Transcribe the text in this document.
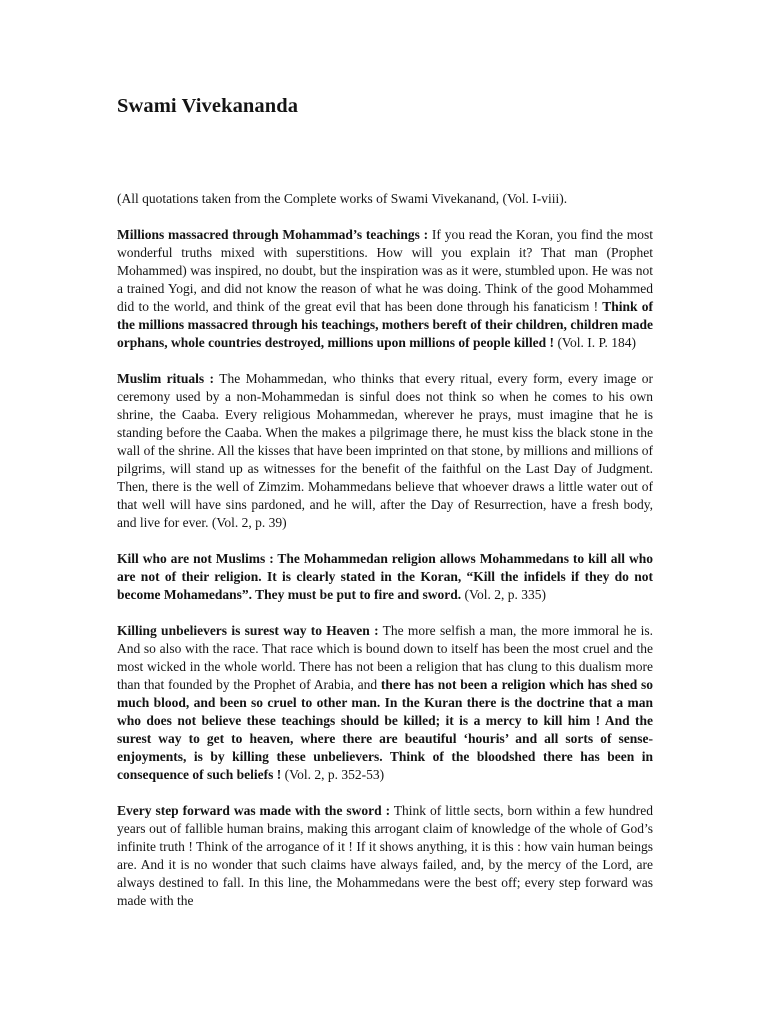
Swami Vivekananda

(All quotations taken from the Complete works of Swami Vivekanand, (Vol. I-viii).

Millions massacred through Mohammad’s teachings : If you read the Koran, you find the most wonderful truths mixed with superstitions. How will you explain it? That man (Prophet Mohammed) was inspired, no doubt, but the inspiration was as it were, stumbled upon. He was not a trained Yogi, and did not know the reason of what he was doing. Think of the good Mohammed did to the world, and think of the great evil that has been done through his fanaticism ! Think of the millions massacred through his teachings, mothers bereft of their children, children made orphans, whole countries destroyed, millions upon millions of people killed ! (Vol. I. P. 184)

Muslim rituals : The Mohammedan, who thinks that every ritual, every form, every image or ceremony used by a non-Mohammedan is sinful does not think so when he comes to his own shrine, the Caaba. Every religious Mohammedan, wherever he prays, must imagine that he is standing before the Caaba. When the makes a pilgrimage there, he must kiss the black stone in the wall of the shrine. All the kisses that have been imprinted on that stone, by millions and millions of pilgrims, will stand up as witnesses for the benefit of the faithful on the Last Day of Judgment. Then, there is the well of Zimzim. Mohammedans believe that whoever draws a little water out of that well will have sins pardoned, and he will, after the Day of Resurrection, have a fresh body, and live for ever. (Vol. 2, p. 39)

Kill who are not Muslims : The Mohammedan religion allows Mohammedans to kill all who are not of their religion. It is clearly stated in the Koran, “Kill the infidels if they do not become Mohamedans”. They must be put to fire and sword. (Vol. 2, p. 335)

Killing unbelievers is surest way to Heaven : The more selfish a man, the more immoral he is. And so also with the race. That race which is bound down to itself has been the most cruel and the most wicked in the whole world. There has not been a religion that has clung to this dualism more than that founded by the Prophet of Arabia, and there has not been a religion which has shed so much blood, and been so cruel to other man. In the Kuran there is the doctrine that a man who does not believe these teachings should be killed; it is a mercy to kill him ! And the surest way to get to heaven, where there are beautiful ‘houris’ and all sorts of sense-enjoyments, is by killing these unbelievers. Think of the bloodshed there has been in consequence of such beliefs ! (Vol. 2, p. 352-53)

Every step forward was made with the sword : Think of little sects, born within a few hundred years out of fallible human brains, making this arrogant claim of knowledge of the whole of God’s infinite truth ! Think of the arrogance of it ! If it shows anything, it is this : how vain human beings are. And it is no wonder that such claims have always failed, and, by the mercy of the Lord, are always destined to fall. In this line, the Mohammedans were the best off; every step forward was made with the
